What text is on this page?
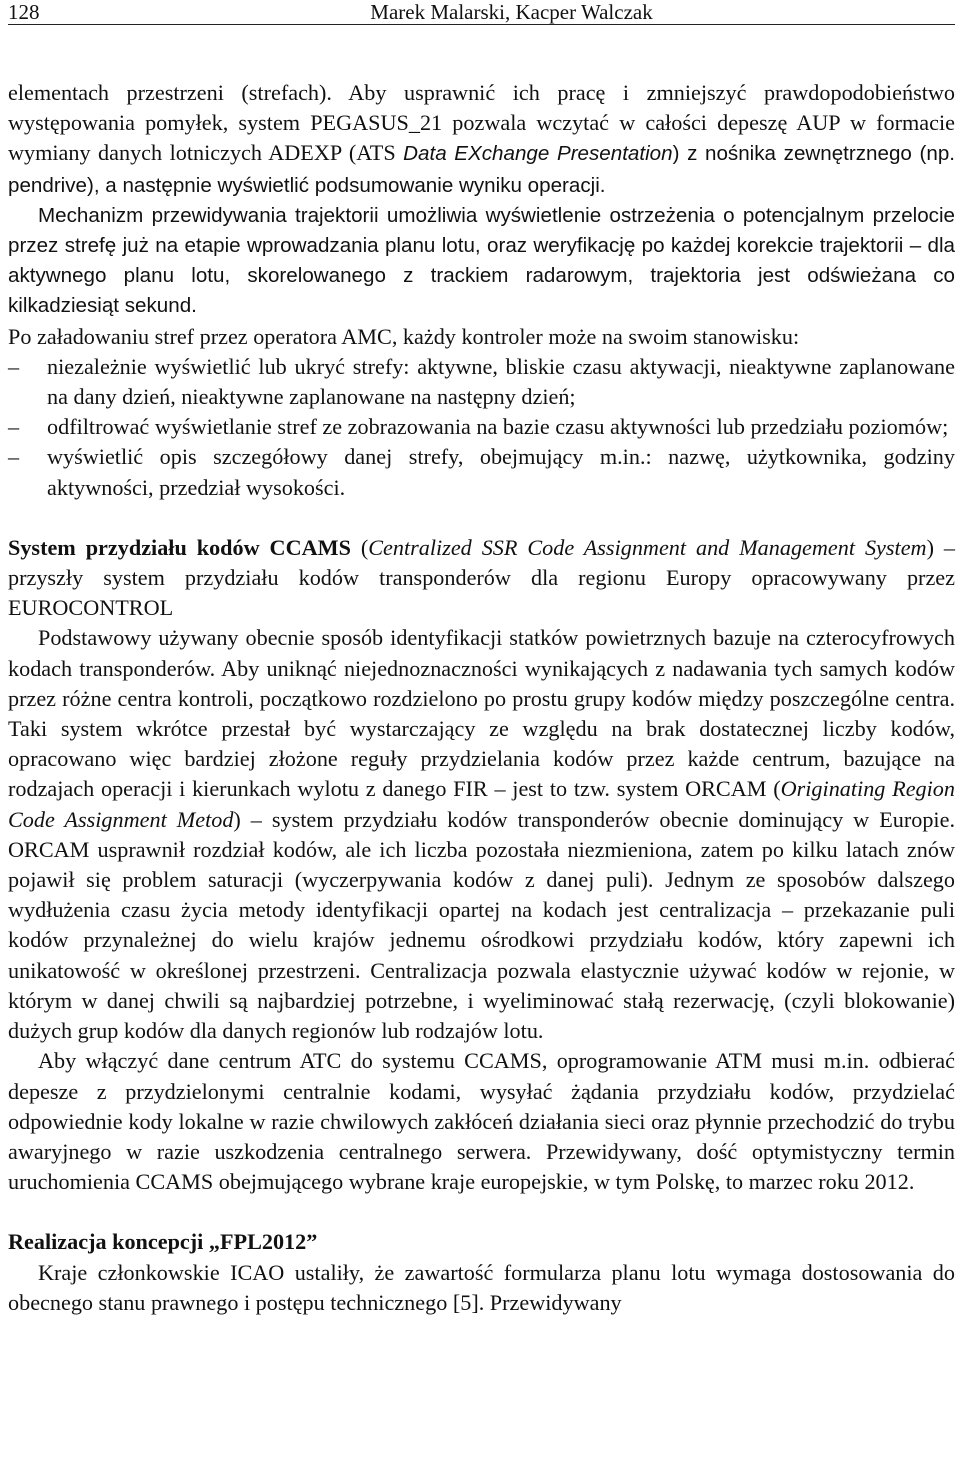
128	Marek Malarski, Kacper Walczak

elementach przestrzeni (strefach). Aby usprawnić ich pracę i zmniejszyć prawdopodobieństwo występowania pomyłek, system PEGASUS_21 pozwala wczytać w całości depeszę AUP w formacie wymiany danych lotniczych ADEXP (ATS Data EXchange Presentation) z nośnika zewnętrznego (np. pendrive), a następnie wyświetlić podsumowanie wyniku operacji.

Mechanizm przewidywania trajektorii umożliwia wyświetlenie ostrzeżenia o potencjalnym przelocie przez strefę już na etapie wprowadzania planu lotu, oraz weryfikację po każdej korekcie trajektorii – dla aktywnego planu lotu, skorelowanego z trackiem radarowym, trajektoria jest odświeżana co kilkadziesiąt sekund.

Po załadowaniu stref przez operatora AMC, każdy kontroler może na swoim stanowisku:

– niezależnie wyświetlić lub ukryć strefy: aktywne, bliskie czasu aktywacji, nieaktywne zaplanowane na dany dzień, nieaktywne zaplanowane na następny dzień;
– odfiltrować wyświetlanie stref ze zobrazowania na bazie czasu aktywności lub przedziału poziomów;
– wyświetlić opis szczegółowy danej strefy, obejmujący m.in.: nazwę, użytkownika, godziny aktywności, przedział wysokości.

System przydziału kodów CCAMS (Centralized SSR Code Assignment and Management System) – przyszły system przydziału kodów transponderów dla regionu Europy opracowywany przez EUROCONTROL

Podstawowy używany obecnie sposób identyfikacji statków powietrznych bazuje na czterocyfrowych kodach transponderów. Aby uniknąć niejednoznaczności wynikających z nadawania tych samych kodów przez różne centra kontroli, początkowo rozdzielono po prostu grupy kodów między poszczególne centra. Taki system wkrótce przestał być wystarczający ze względu na brak dostatecznej liczby kodów, opracowano więc bardziej złożone reguły przydzielania kodów przez każde centrum, bazujące na rodzajach operacji i kierunkach wylotu z danego FIR – jest to tzw. system ORCAM (Originating Region Code Assignment Metod) – system przydziału kodów transponderów obecnie dominujący w Europie. ORCAM usprawnił rozdział kodów, ale ich liczba pozostała niezmieniona, zatem po kilku latach znów pojawił się problem saturacji (wyczerpywania kodów z danej puli). Jednym ze sposobów dalszego wydłużenia czasu życia metody identyfikacji opartej na kodach jest centralizacja – przekazanie puli kodów przynależnej do wielu krajów jednemu ośrodkowi przydziału kodów, który zapewni ich unikatowość w określonej przestrzeni. Centralizacja pozwala elastycznie używać kodów w rejonie, w którym w danej chwili są najbardziej potrzebne, i wyeliminować stałą rezerwację, (czyli blokowanie) dużych grup kodów dla danych regionów lub rodzajów lotu.

Aby włączyć dane centrum ATC do systemu CCAMS, oprogramowanie ATM musi m.in. odbierać depesze z przydzielonymi centralnie kodami, wysyłać żądania przydziału kodów, przydzielać odpowiednie kody lokalne w razie chwilowych zakłóceń działania sieci oraz płynnie przechodzić do trybu awaryjnego w razie uszkodzenia centralnego serwera. Przewidywany, dość optymistyczny termin uruchomienia CCAMS obejmującego wybrane kraje europejskie, w tym Polskę, to marzec roku 2012.

Realizacja koncepcji „FPL2012”

Kraje członkowskie ICAO ustaliły, że zawartość formularza planu lotu wymaga dostosowania do obecnego stanu prawnego i postępu technicznego [5]. Przewidywany
